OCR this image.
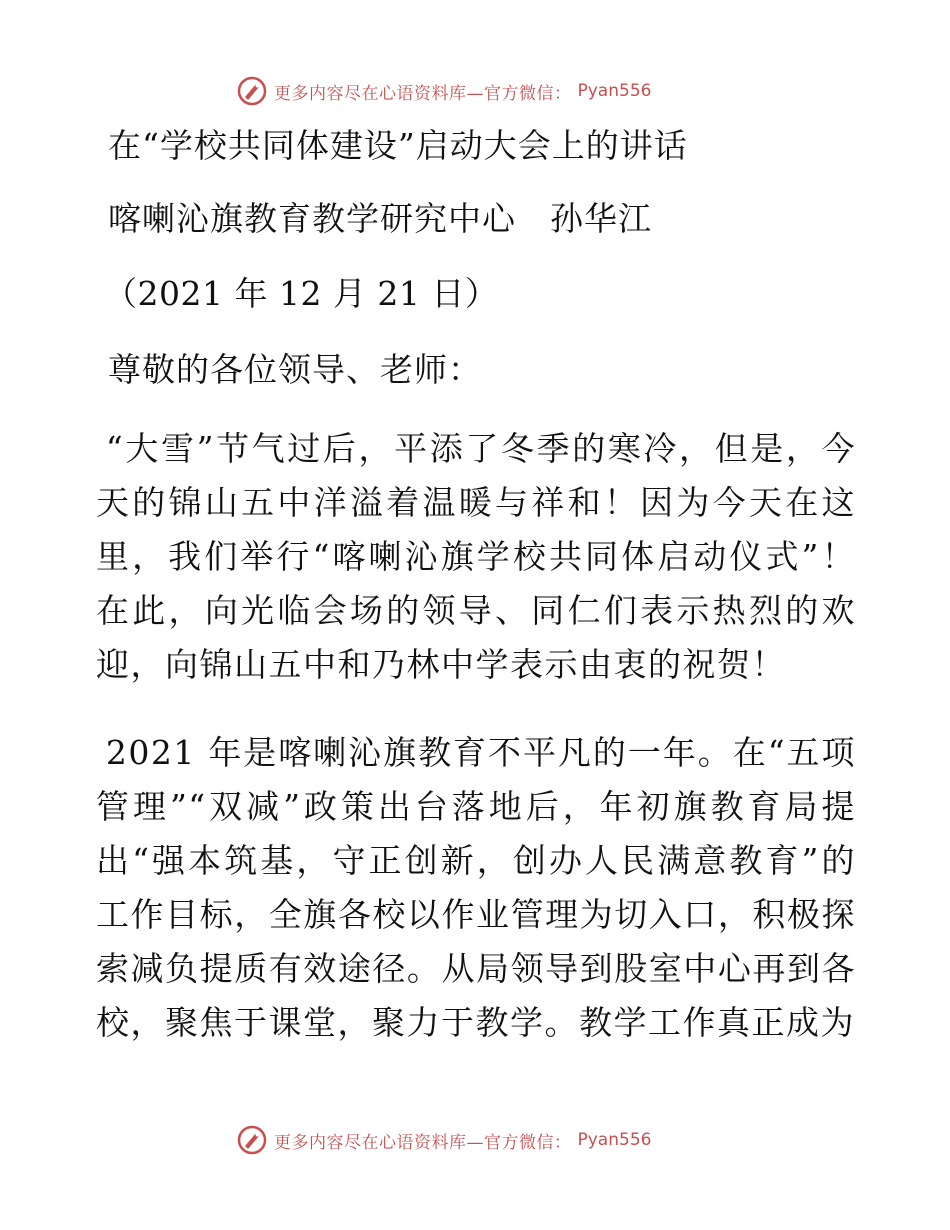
更多内容尽在心语资料库—官方微信： Pyan556
在“学校共同体建设”启动大会上的讲话
喀喇沁旗教育教学研究中心　孙华江
（2021 年 12 月 21 日）
尊敬的各位领导、老师：
“大雪”节气过后，平添了冬季的寒冷，但是，今天的锦山五中洋溢着温暖与祥和！因为今天在这里，我们举行“喀喇沁旗学校共同体启动仪式”！在此，向光临会场的领导、同仁们表示热烈的欢迎，向锦山五中和乃林中学表示由衷的祝贺！
2021 年是喀喇沁旗教育不平凡的一年。在“五项管理”“双减”政策出台落地后，年初旗教育局提出“强本筑基，守正创新，创办人民满意教育”的工作目标，全旗各校以作业管理为切入口，积极探索减负提质有效途径。从局领导到股室中心再到各校，聚焦于课堂，聚力于教学。教学工作真正成为
更多内容尽在心语资料库—官方微信： Pyan556
